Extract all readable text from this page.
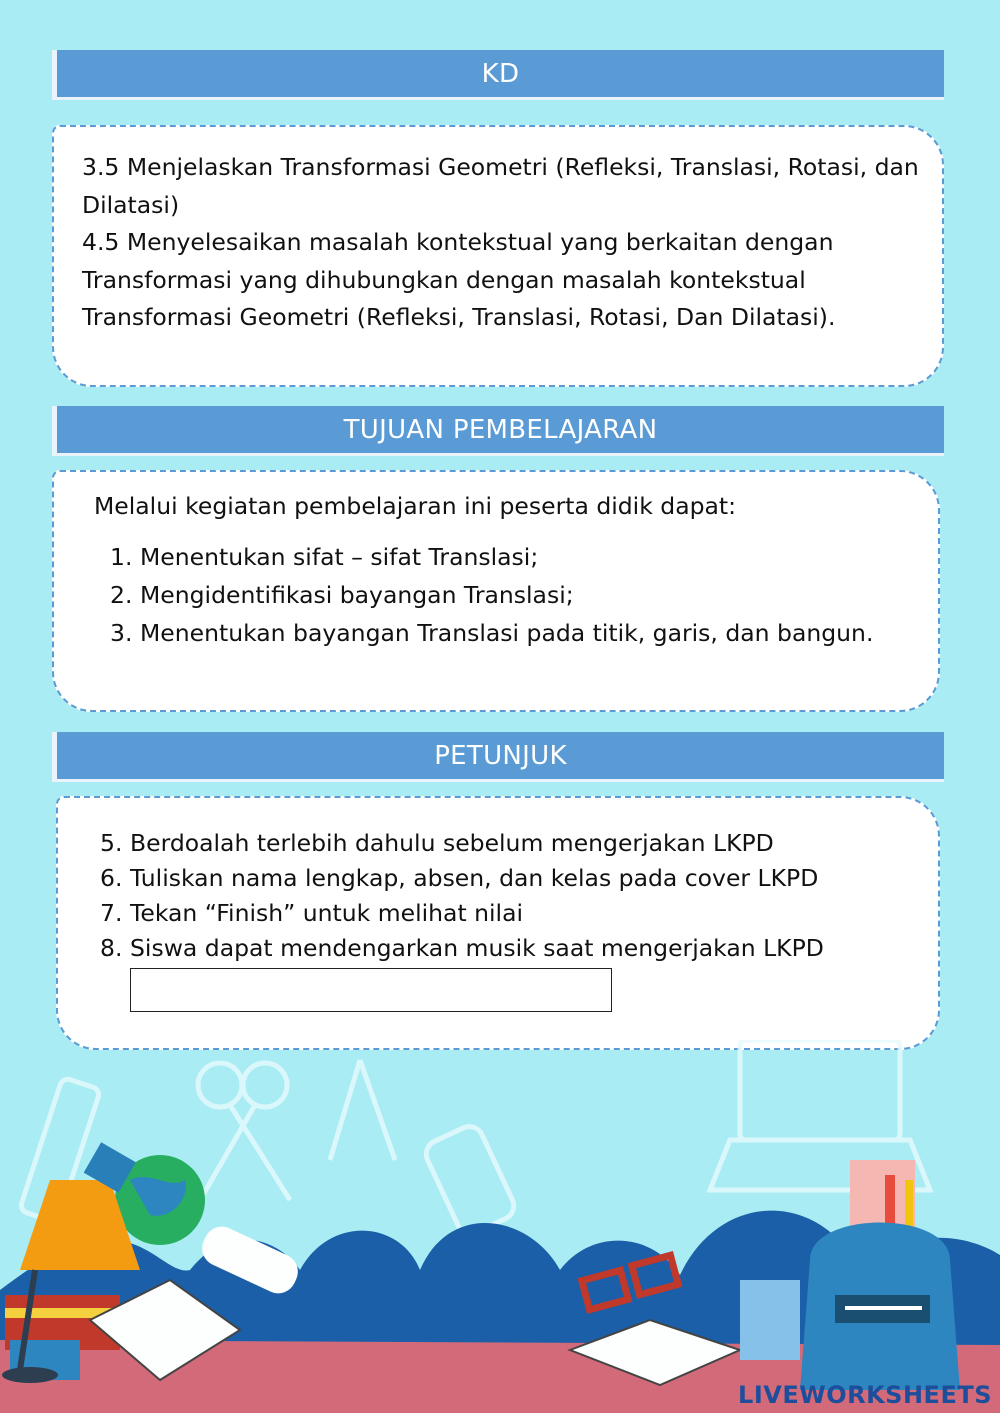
KD

3.5 Menjelaskan Transformasi Geometri (Refleksi, Translasi, Rotasi, dan Dilatasi)

4.5 Menyelesaikan masalah kontekstual yang berkaitan dengan Transformasi yang dihubungkan dengan masalah kontekstual Transformasi Geometri (Refleksi, Translasi, Rotasi, Dan Dilatasi).

TUJUAN PEMBELAJARAN
Melalui kegiatan pembelajaran ini peserta didik dapat:
1. Menentukan sifat – sifat Translasi;
2. Mengidentifikasi bayangan Translasi;
3. Menentukan bayangan Translasi pada titik, garis, dan bangun.
PETUNJUK
5. Berdoalah terlebih dahulu sebelum mengerjakan LKPD
6. Tuliskan nama lengkap, absen, dan kelas pada cover LKPD
7. Tekan “Finish” untuk melihat nilai
8. Siswa dapat mendengarkan musik saat mengerjakan LKPD
LIVEWORKSHEETS
